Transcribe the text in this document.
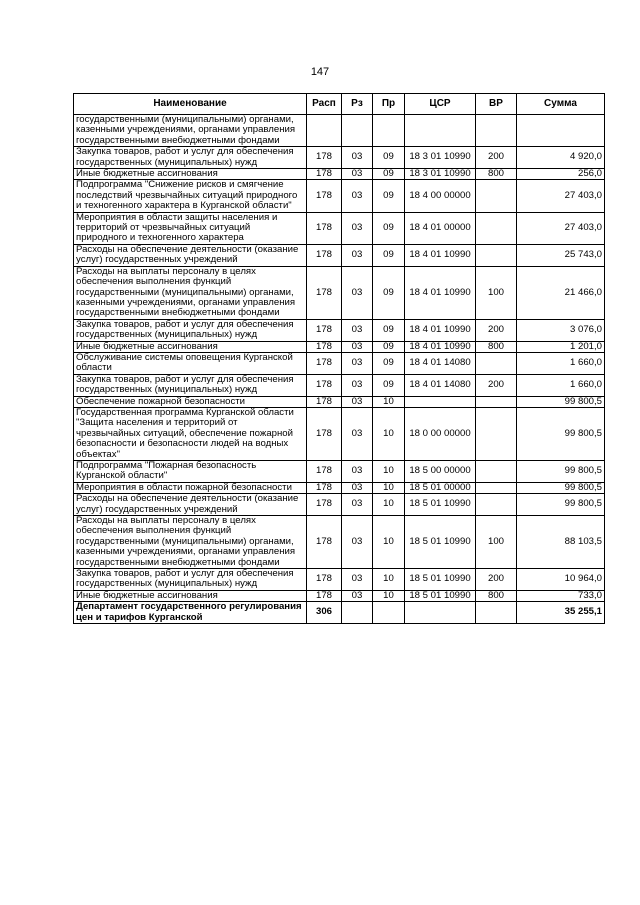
147
Наименование	Расп	Рз	Пр	ЦСР	ВР	Сумма
государственными (муниципальными) органами, казенными учреждениями, органами управления государственными внебюджетными фондами						
Закупка товаров, работ и услуг для обеспечения государственных (муниципальных) нужд	178	03	09	18 3 01 10990	200	4 920,0
Иные бюджетные ассигнования	178	03	09	18 3 01 10990	800	256,0
Подпрограмма "Снижение рисков и смягчение последствий чрезвычайных ситуаций природного и техногенного характера в Курганской области"	178	03	09	18 4 00 00000		27 403,0
Мероприятия в области защиты населения и территорий от чрезвычайных ситуаций природного и техногенного характера	178	03	09	18 4 01 00000		27 403,0
Расходы на обеспечение деятельности (оказание услуг) государственных учреждений	178	03	09	18 4 01 10990		25 743,0
Расходы на выплаты персоналу в целях обеспечения выполнения функций государственными (муниципальными) органами, казенными учреждениями, органами управления государственными внебюджетными фондами	178	03	09	18 4 01 10990	100	21 466,0
Закупка товаров, работ и услуг для обеспечения государственных (муниципальных) нужд	178	03	09	18 4 01 10990	200	3 076,0
Иные бюджетные ассигнования	178	03	09	18 4 01 10990	800	1 201,0
Обслуживание системы оповещения Курганской области	178	03	09	18 4 01 14080		1 660,0
Закупка товаров, работ и услуг для обеспечения государственных (муниципальных) нужд	178	03	09	18 4 01 14080	200	1 660,0
Обеспечение пожарной безопасности	178	03	10			99 800,5
Государственная программа Курганской области "Защита населения и территорий от чрезвычайных ситуаций, обеспечение пожарной безопасности и безопасности людей на водных объектах"	178	03	10	18 0 00 00000		99 800,5
Подпрограмма "Пожарная безопасность Курганской области"	178	03	10	18 5 00 00000		99 800,5
Мероприятия в области пожарной безопасности	178	03	10	18 5 01 00000		99 800,5
Расходы на обеспечение деятельности (оказание услуг) государственных учреждений	178	03	10	18 5 01 10990		99 800,5
Расходы на выплаты персоналу в целях обеспечения выполнения функций государственными (муниципальными) органами, казенными учреждениями, органами управления государственными внебюджетными фондами	178	03	10	18 5 01 10990	100	88 103,5
Закупка товаров, работ и услуг для обеспечения государственных (муниципальных) нужд	178	03	10	18 5 01 10990	200	10 964,0
Иные бюджетные ассигнования	178	03	10	18 5 01 10990	800	733,0
Департамент государственного регулирования цен и тарифов Курганской	306					35 255,1
